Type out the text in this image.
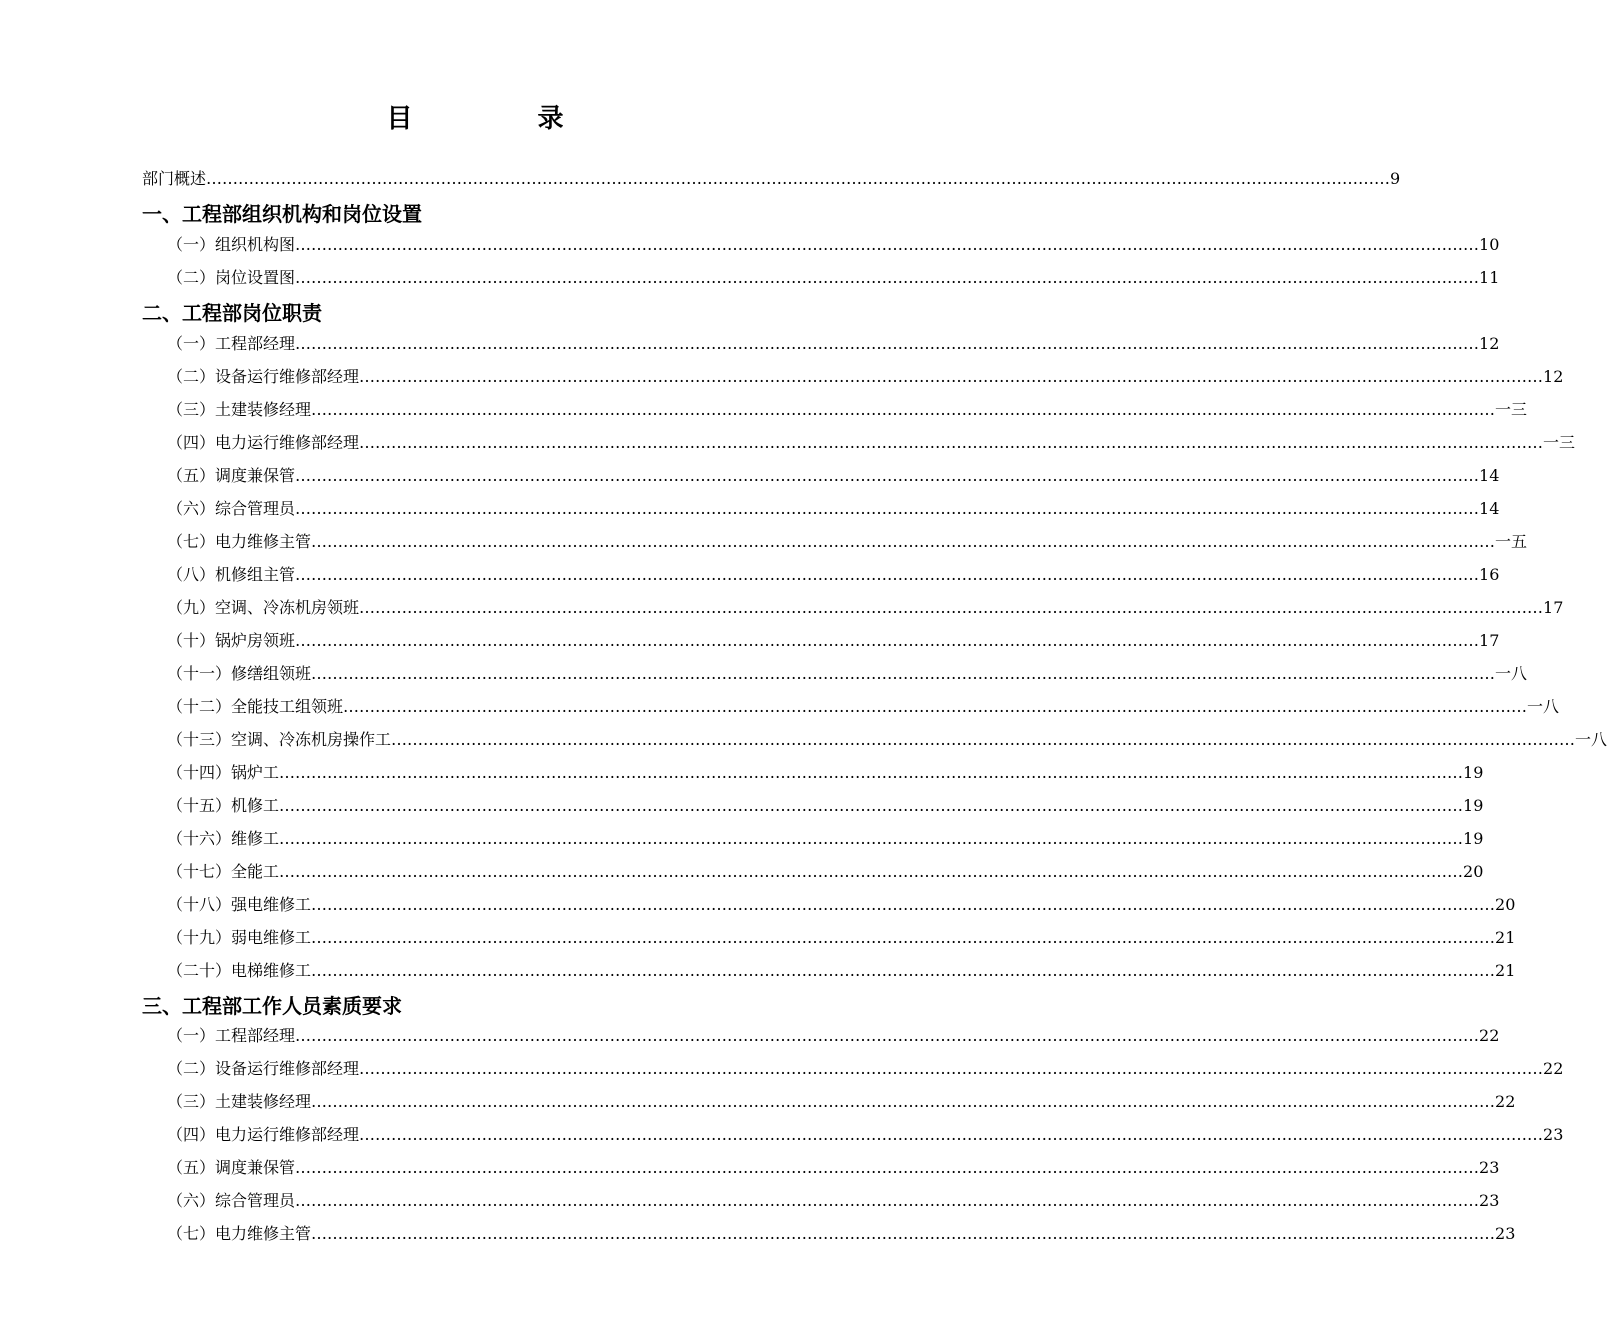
目 录
部门概述 …………………………………………………………………………………………………………………………………………………………………………………………………… 9
一、工程部组织机构和岗位设置
（一）组织机构图 …………………………………………………………………………………………………………………………………………………………………………………………………… 10
（二）岗位设置图 …………………………………………………………………………………………………………………………………………………………………………………………………… 11
二、工程部岗位职责
（一）工程部经理 …………………………………………………………………………………………………………………………………………………………………………………………………… 12
（二）设备运行维修部经理 …………………………………………………………………………………………………………………………………………………………………………………………………… 12
（三）土建装修经理 …………………………………………………………………………………………………………………………………………………………………………………………………… 一三
（四）电力运行维修部经理 …………………………………………………………………………………………………………………………………………………………………………………………………… 一三
（五）调度兼保管 …………………………………………………………………………………………………………………………………………………………………………………………………… 14
（六）综合管理员 …………………………………………………………………………………………………………………………………………………………………………………………………… 14
（七）电力维修主管 …………………………………………………………………………………………………………………………………………………………………………………………………… 一五
（八）机修组主管 …………………………………………………………………………………………………………………………………………………………………………………………………… 16
（九）空调、冷冻机房领班 …………………………………………………………………………………………………………………………………………………………………………………………………… 17
（十）锅炉房领班 …………………………………………………………………………………………………………………………………………………………………………………………………… 17
（十一）修缮组领班 …………………………………………………………………………………………………………………………………………………………………………………………………… 一八
（十二）全能技工组领班 …………………………………………………………………………………………………………………………………………………………………………………………………… 一八
（十三）空调、冷冻机房操作工 …………………………………………………………………………………………………………………………………………………………………………………………………… 一八
（十四）锅炉工 …………………………………………………………………………………………………………………………………………………………………………………………………… 19
（十五）机修工 …………………………………………………………………………………………………………………………………………………………………………………………………… 19
（十六）维修工 …………………………………………………………………………………………………………………………………………………………………………………………………… 19
（十七）全能工 …………………………………………………………………………………………………………………………………………………………………………………………………… 20
（十八）强电维修工 …………………………………………………………………………………………………………………………………………………………………………………………………… 20
（十九）弱电维修工 …………………………………………………………………………………………………………………………………………………………………………………………………… 21
（二十）电梯维修工 …………………………………………………………………………………………………………………………………………………………………………………………………… 21
三、工程部工作人员素质要求
（一）工程部经理 …………………………………………………………………………………………………………………………………………………………………………………………………… 22
（二）设备运行维修部经理 …………………………………………………………………………………………………………………………………………………………………………………………………… 22
（三）土建装修经理 …………………………………………………………………………………………………………………………………………………………………………………………………… 22
（四）电力运行维修部经理 …………………………………………………………………………………………………………………………………………………………………………………………………… 23
（五）调度兼保管 …………………………………………………………………………………………………………………………………………………………………………………………………… 23
（六）综合管理员 …………………………………………………………………………………………………………………………………………………………………………………………………… 23
（七）电力维修主管 …………………………………………………………………………………………………………………………………………………………………………………………………… 23
